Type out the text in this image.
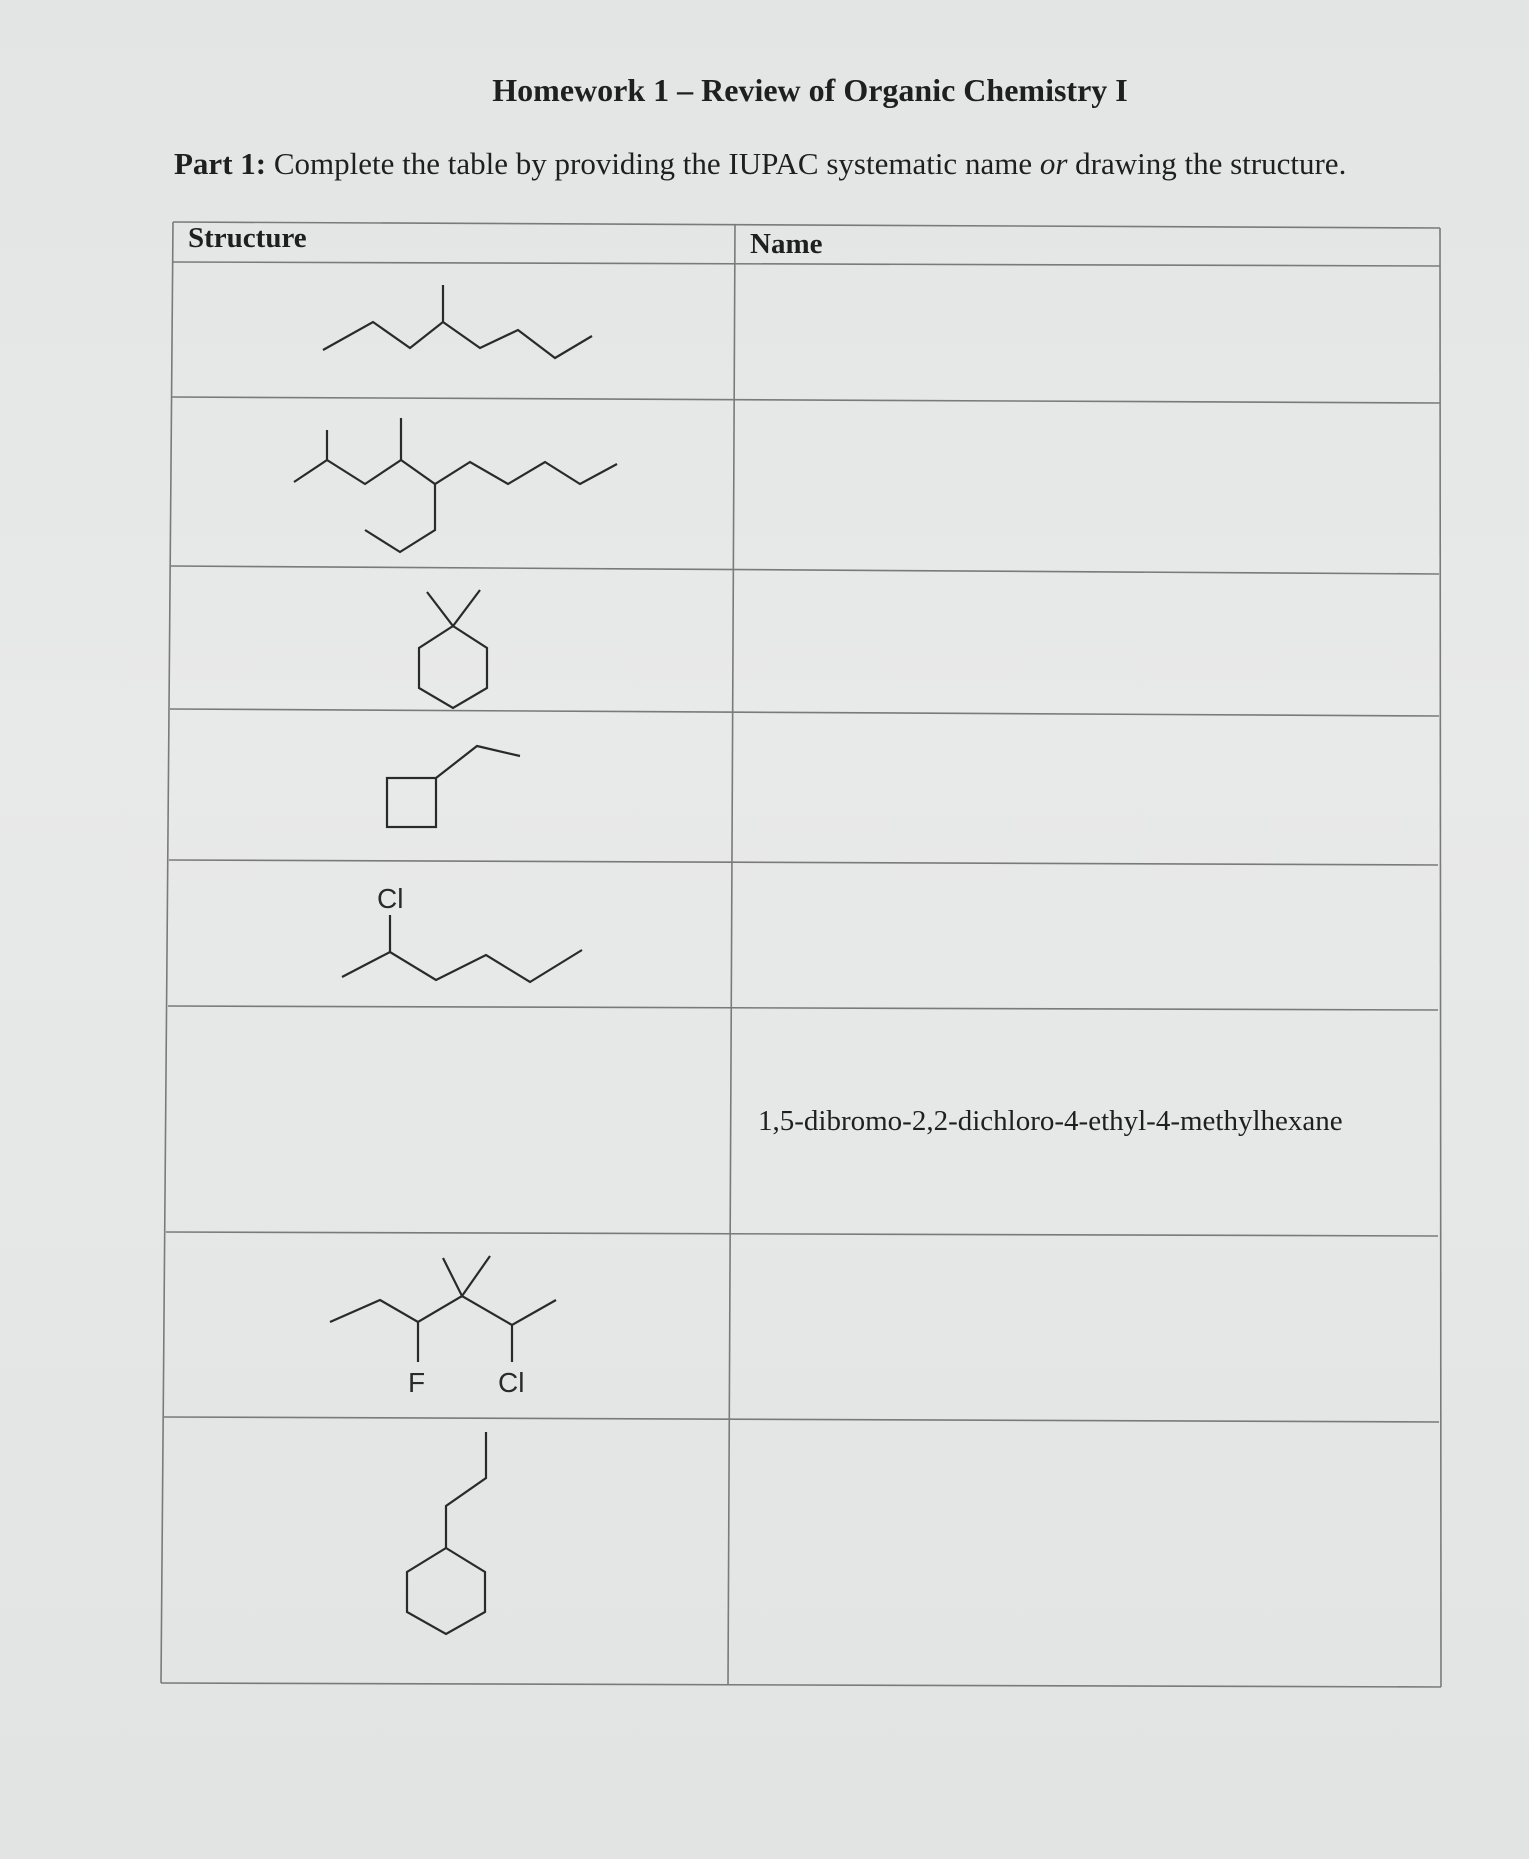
Homework 1 – Review of Organic Chemistry I
Part 1: Complete the table by providing the IUPAC systematic name or drawing the structure.
Cl
F	Cl
Structure	Name
1,5-dibromo-2,2-dichloro-4-ethyl-4-methylhexane
